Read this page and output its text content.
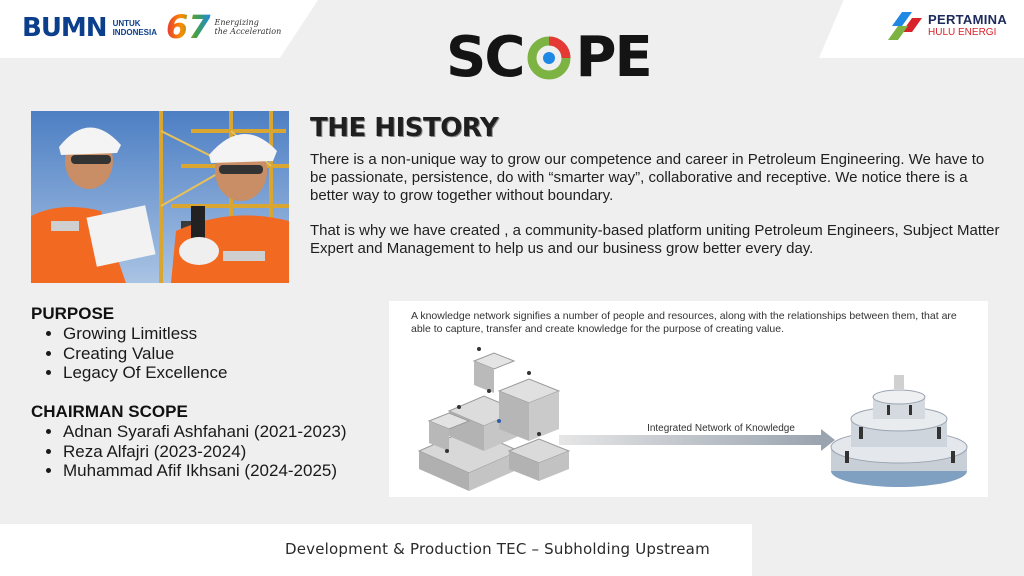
BUMN UNTUK
INDONESIA 67 Energizing
the Acceleration
PERTAMINA
HULU ENERGI
SC PE
THE HISTORY

There is a non-unique way to grow our competence and career in Petroleum Engineering. We have to be passionate, persistence, do with “smarter way”, collaborative and receptive. We notice there is a better way to grow together without boundary.

That is why we have created , a community-based platform uniting Petroleum Engineers, Subject Matter Expert and Management to help us and our business grow better every day.

PURPOSE
• Growing Limitless
• Creating Value
• Legacy Of Excellence
CHAIRMAN SCOPE
• Adnan Syarafi Ashfahani (2021-2023)
• Reza Alfajri (2023-2024)
• Muhammad Afif Ikhsani (2024-2025)
A knowledge network signifies a number of people and resources, along with the relationships between them, that are able to capture, transfer and create knowledge for the purpose of creating value.
Integrated Network of Knowledge
Development & Production TEC – Subholding Upstream
